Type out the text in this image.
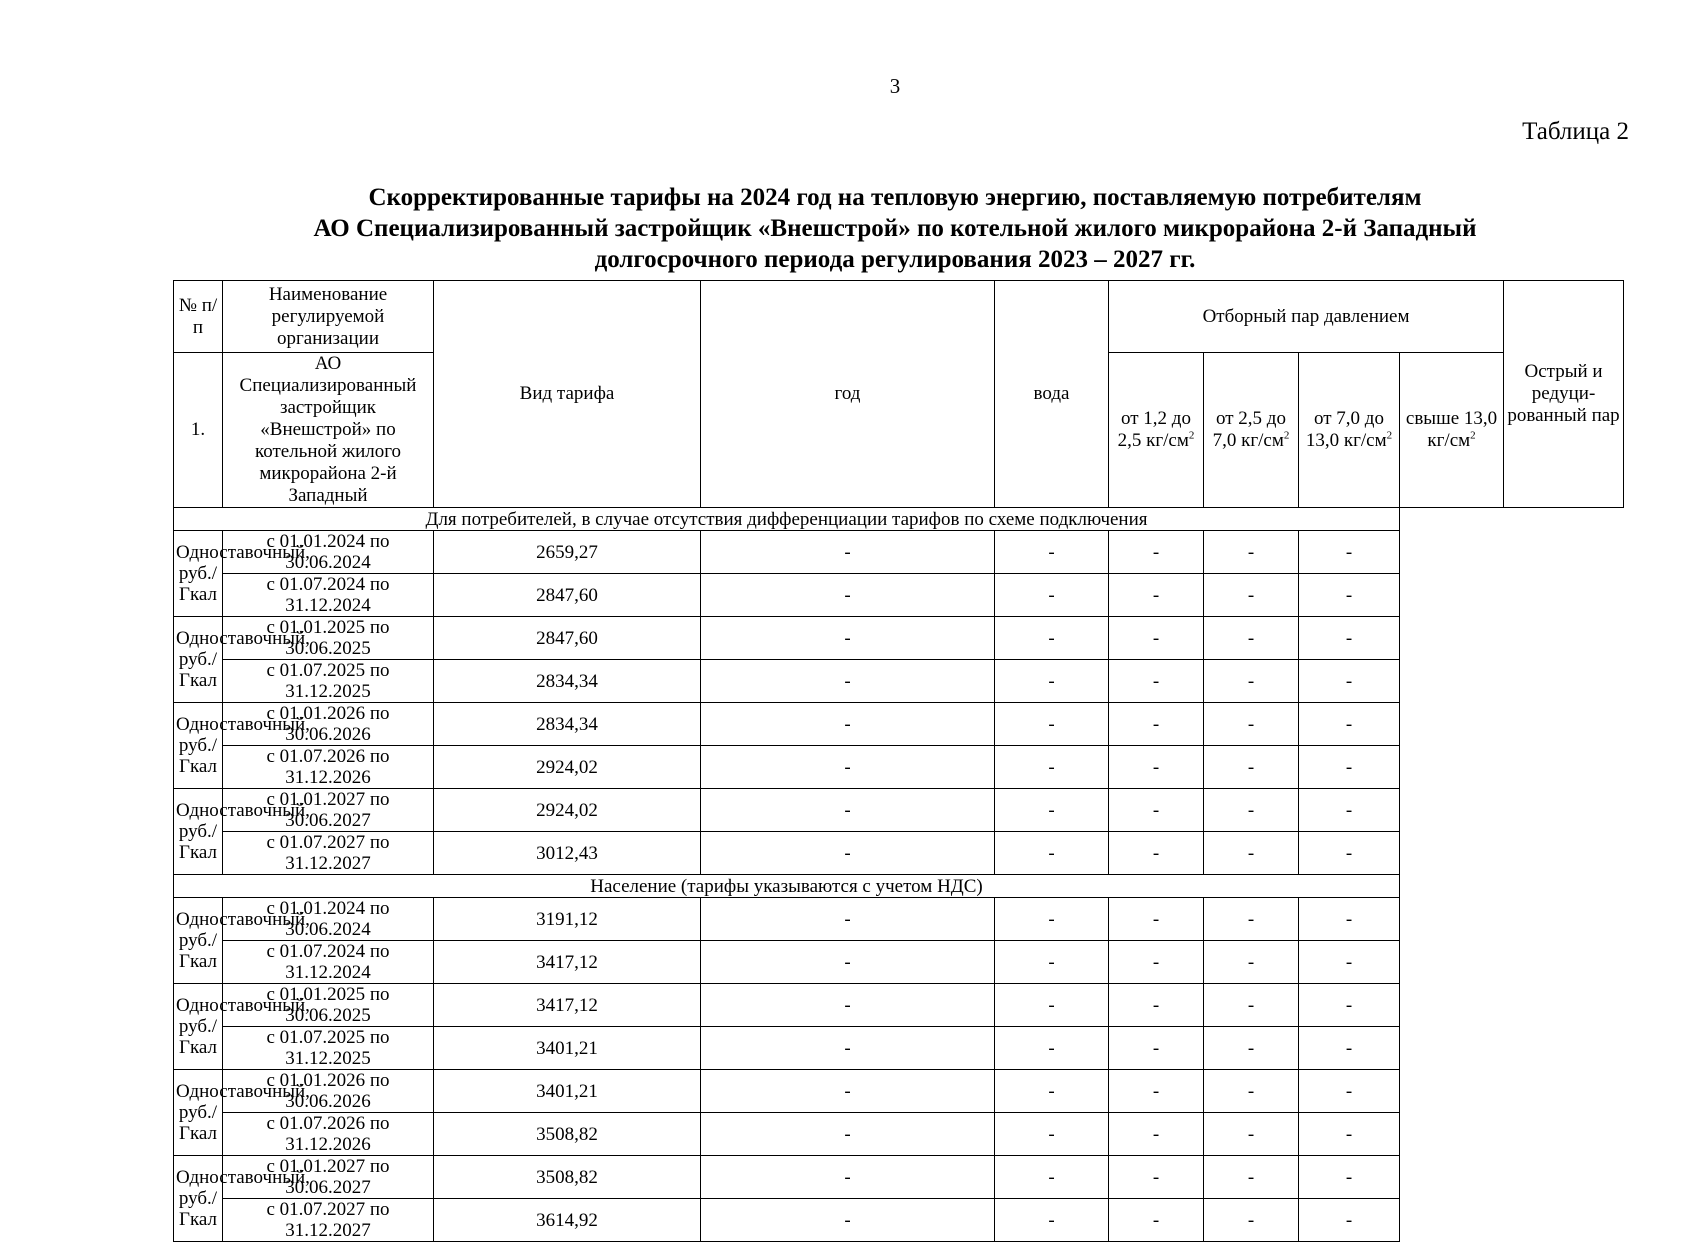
3
Таблица 2
Скорректированные тарифы на 2024 год на тепловую энергию, поставляемую потребителям
АО Специализированный застройщик «Внешстрой» по котельной жилого микрорайона 2-й Западный
долгосрочного периода регулирования 2023 – 2027 гг.
№ п/п	Наименование регулируемой организации	Вид тарифа	год	вода	Отборный пар давлением				Острый и редуци-рованный пар
1.	АО Специализированный застройщик «Внешстрой» по котельной жилого микрорайона 2-й Западный				от 1,2 до 2,5 $кг/см^2$	от 2,5 до 7,0 $кг/см^2$	от 7,0 до 13,0 $кг/см^2$	свыше 13,0 $кг/см^2$
Для потребителей, в случае отсутствия дифференциации тарифов по схеме подключения									
Одноставочный, руб./Гкал	с 01.01.2024 по 30.06.2024	2659,27	-	-	-	-	-		
	с 01.07.2024 по 31.12.2024	2847,60	-	-	-	-	-		
Одноставочный, руб./Гкал	с 01.01.2025 по 30.06.2025	2847,60	-	-	-	-	-		
	с 01.07.2025 по 31.12.2025	2834,34	-	-	-	-	-		
Одноставочный, руб./Гкал	с 01.01.2026 по 30.06.2026	2834,34	-	-	-	-	-		
	с 01.07.2026 по 31.12.2026	2924,02	-	-	-	-	-		
Одноставочный, руб./Гкал	с 01.01.2027 по 30.06.2027	2924,02	-	-	-	-	-		
	с 01.07.2027 по 31.12.2027	3012,43	-	-	-	-	-		
Население (тарифы указываются с учетом НДС)									
Одноставочный, руб./Гкал	с 01.01.2024 по 30.06.2024	3191,12	-	-	-	-	-		
	с 01.07.2024 по 31.12.2024	3417,12	-	-	-	-	-		
Одноставочный, руб./Гкал	с 01.01.2025 по 30.06.2025	3417,12	-	-	-	-	-		
	с 01.07.2025 по 31.12.2025	3401,21	-	-	-	-	-		
Одноставочный, руб./Гкал	с 01.01.2026 по 30.06.2026	3401,21	-	-	-	-	-		
	с 01.07.2026 по 31.12.2026	3508,82	-	-	-	-	-		
Одноставочный, руб./Гкал	с 01.01.2027 по 30.06.2027	3508,82	-	-	-	-	-		
	с 01.07.2027 по 31.12.2027	3614,92	-	-	-	-	-		
